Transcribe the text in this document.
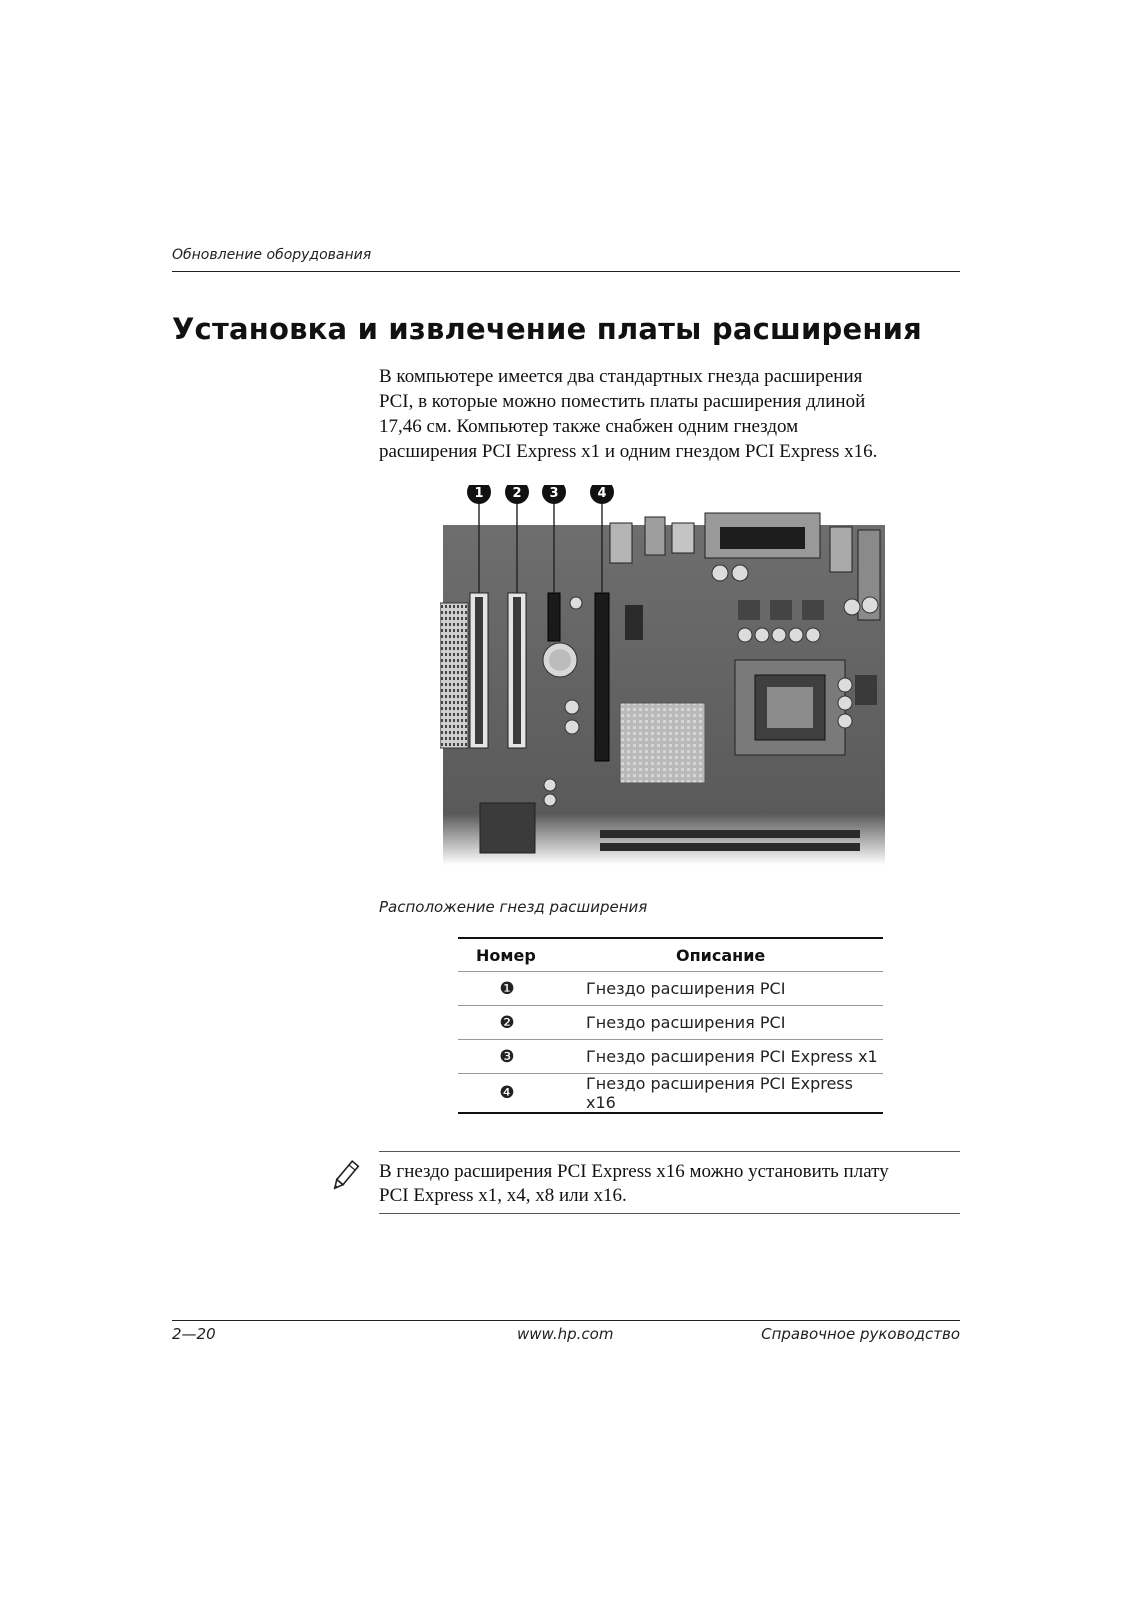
Обновление оборудования
Установка и извлечение платы расширения
В компьютере имеется два стандартных гнезда расширения
PCI, в которые можно поместить платы расширения длиной
17,46 см. Компьютер также снабжен одним гнездом
расширения PCI Express x1 и одним гнездом PCI Express x16.
1 2 3	4
Расположение гнезд расширения
Номер	Описание
❶	Гнездо расширения PCI
❷	Гнездо расширения PCI
❸	Гнездо расширения PCI Express x1
❹	Гнездо расширения PCI Express x16
В гнездо расширения PCI Express x16 можно установить плату
PCI Express x1, x4, x8 или x16.
2—20	www.hp.com	Справочное руководство
